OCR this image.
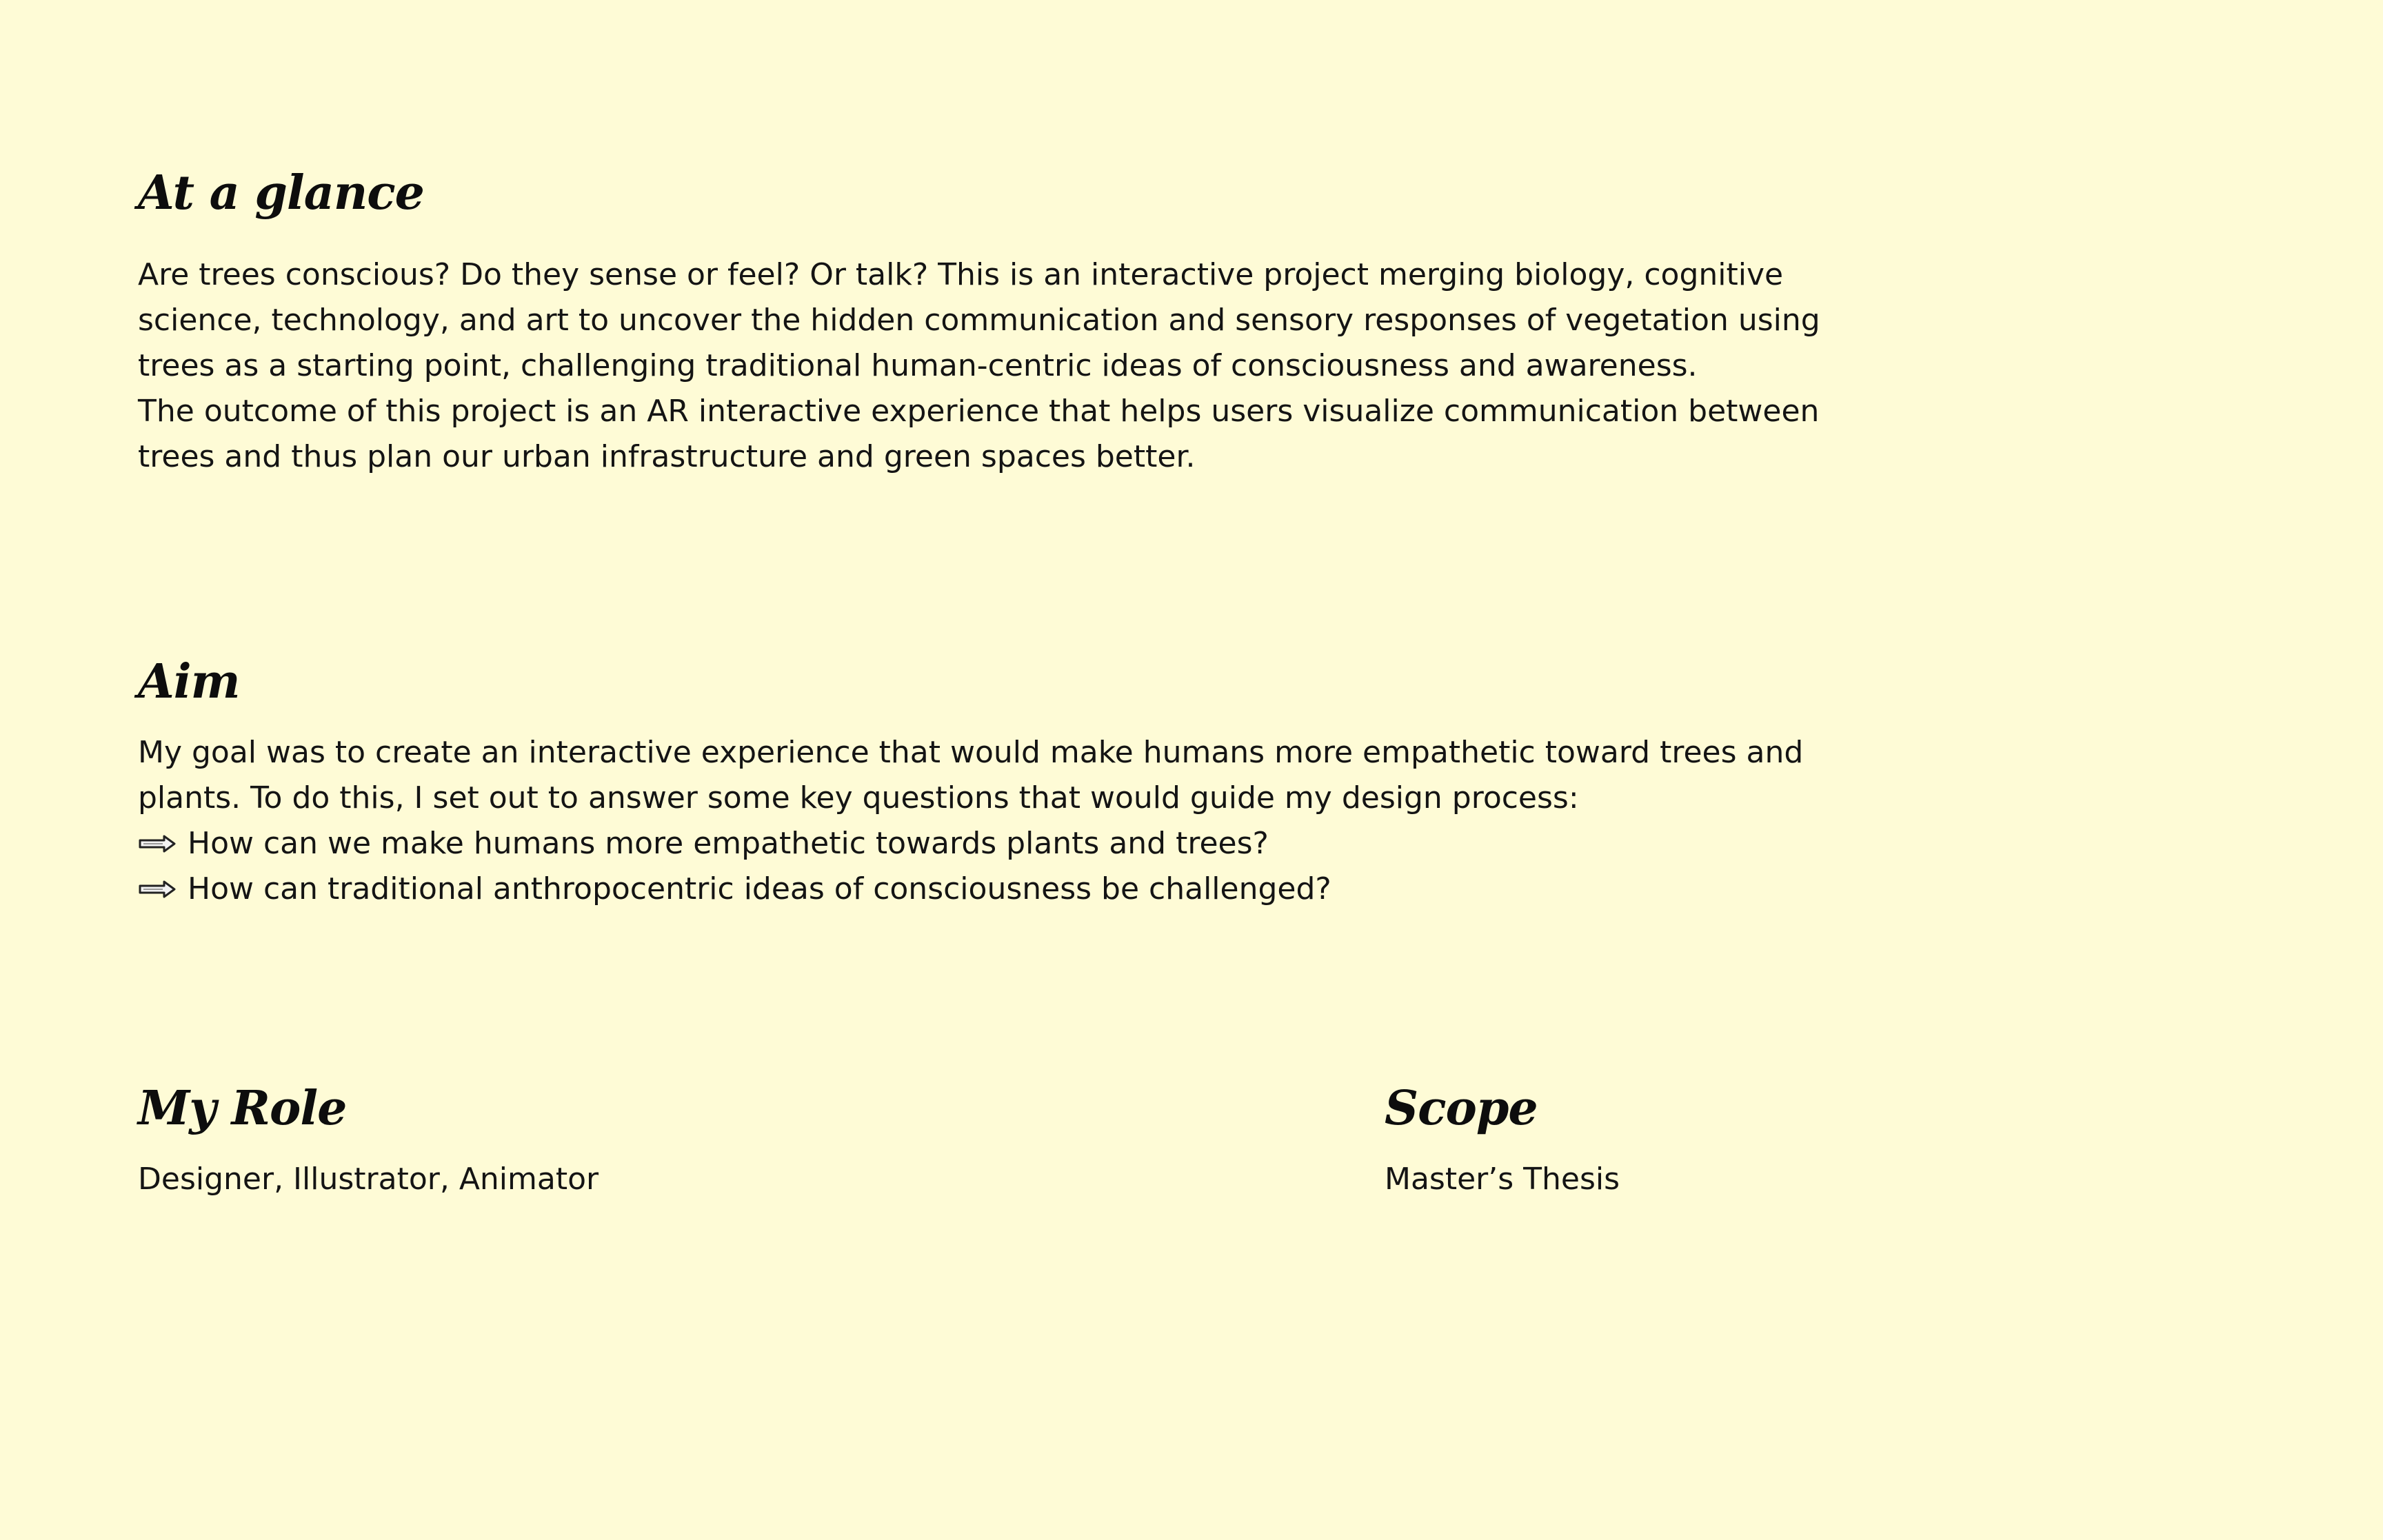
At a glance

Are trees conscious? Do they sense or feel? Or talk? This is an interactive project merging biology, cognitive
science, technology, and art to uncover the hidden communication and sensory responses of vegetation using
trees as a starting point, challenging traditional human-centric ideas of consciousness and awareness.
The outcome of this project is an AR interactive experience that helps users visualize communication between
trees and thus plan our urban infrastructure and green spaces better.

Aim
My goal was to create an interactive experience that would make humans more empathetic toward trees and
plants. To do this, I set out to answer some key questions that would guide my design process:
How can we make humans more empathetic towards plants and trees?
How can traditional anthropocentric ideas of consciousness be challenged?
My Role

Designer, Illustrator, Animator

Scope

Master’s Thesis
